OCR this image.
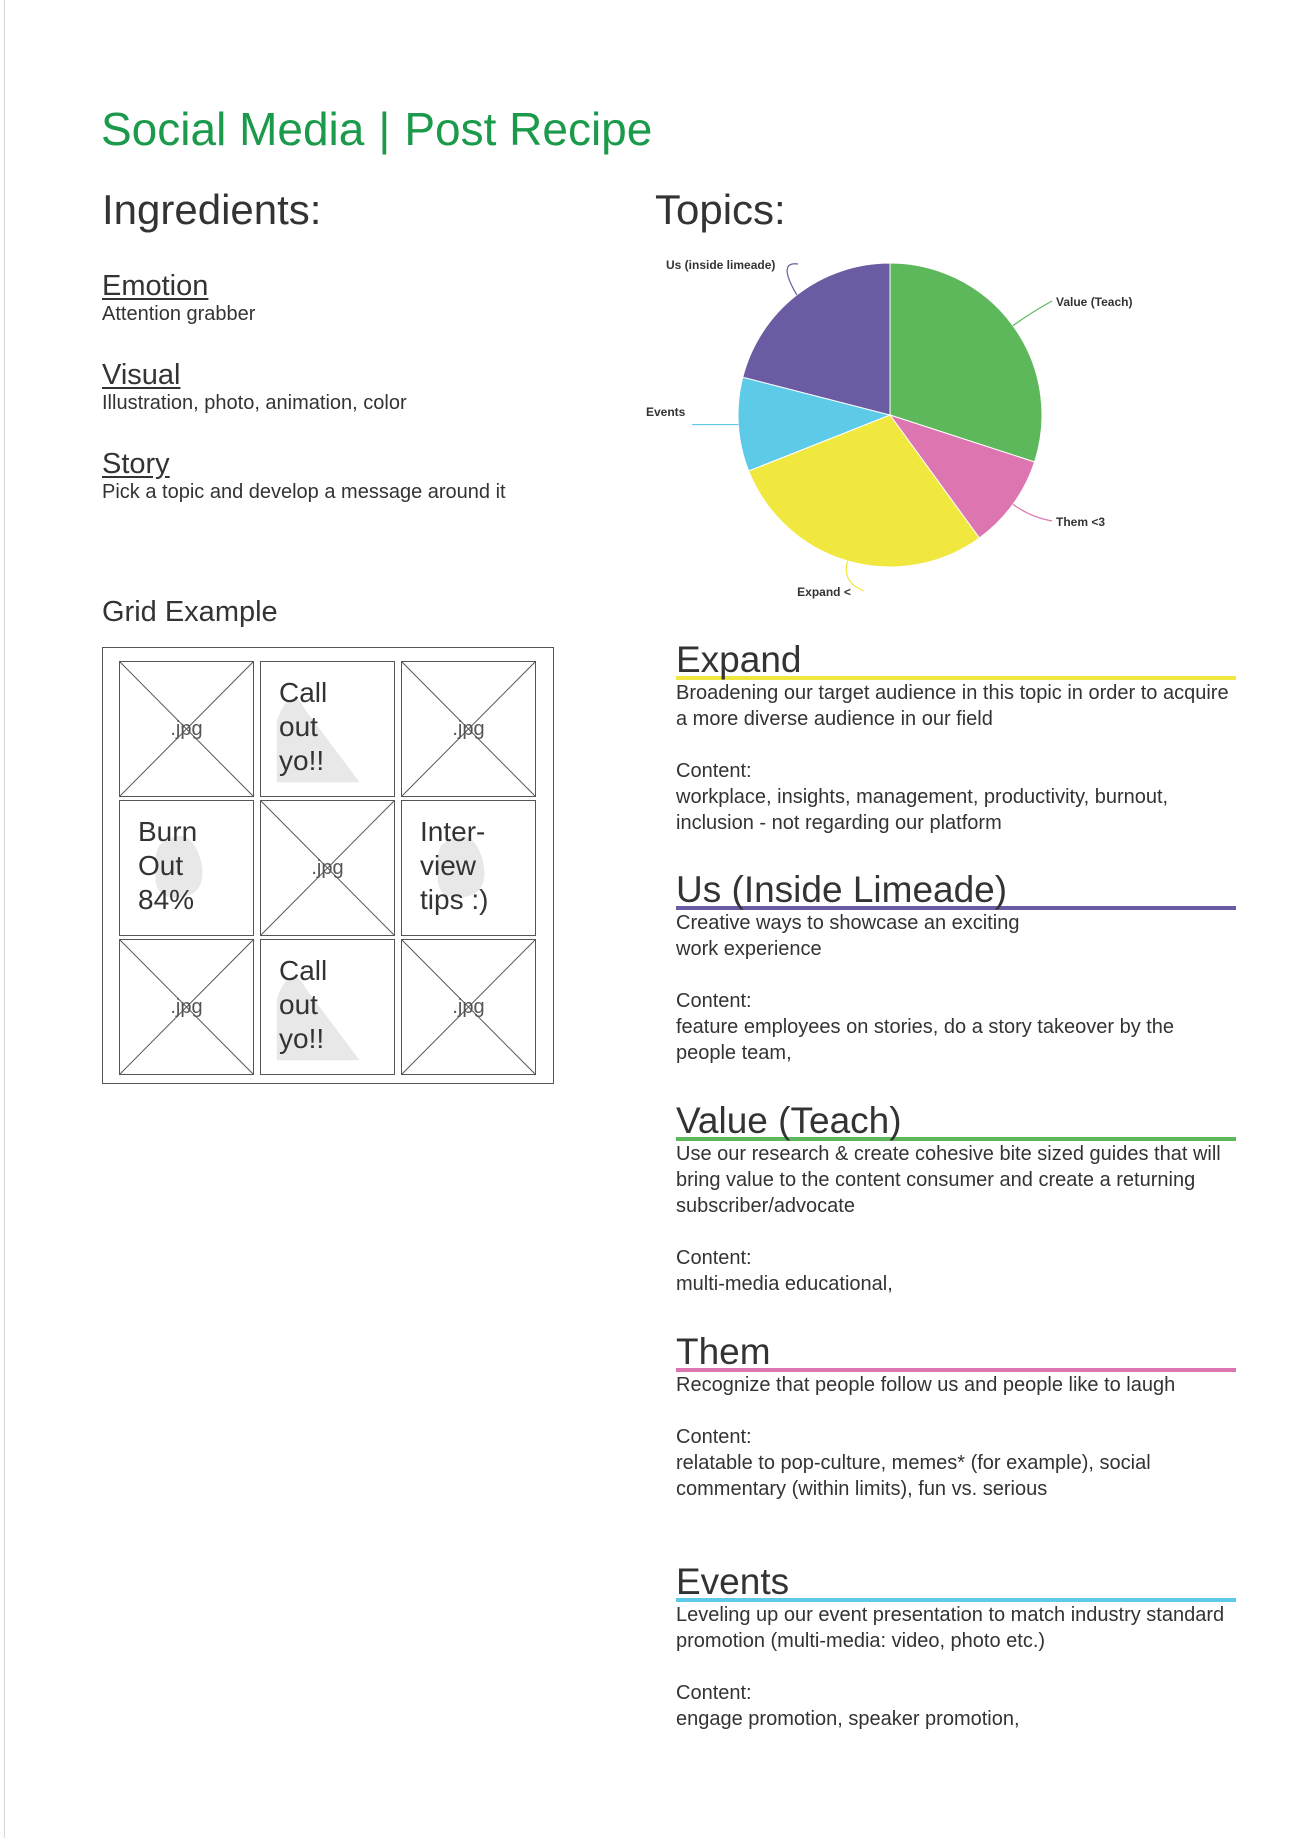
Social Media | Post Recipe
Ingredients:
Emotion
Attention grabber
Visual
Illustration, photo, animation, color
Story
Pick a topic and develop a message around it
Topics:
Value (Teach)
Them <3
Expand <
Events
Us (inside limeade)
Grid Example
.jpg
Call
out
yo!!
.jpg
Burn
Out
84%
.jpg
Inter-
view
tips :)
.jpg
Call
out
yo!!
.jpg
Expand
Broadening our target audience in this topic in order to acquire a more diverse audience in our field
Content:
workplace, insights, management, productivity, burnout, inclusion - not regarding our platform
Us (Inside Limeade)
Creative ways to showcase an exciting
work experience
Content:
feature employees on stories, do a story takeover by the people team,
Value (Teach)
Use our research & create cohesive bite sized guides that will bring value to the content consumer and create a returning subscriber/advocate
Content:
multi-media educational,
Them
Recognize that people follow us and people like to laugh
Content:
relatable to pop-culture, memes* (for example), social commentary (within limits), fun vs. serious
Events
Leveling up our event presentation to match industry standard promotion (multi-media: video, photo etc.)
Content:
engage promotion, speaker promotion,
